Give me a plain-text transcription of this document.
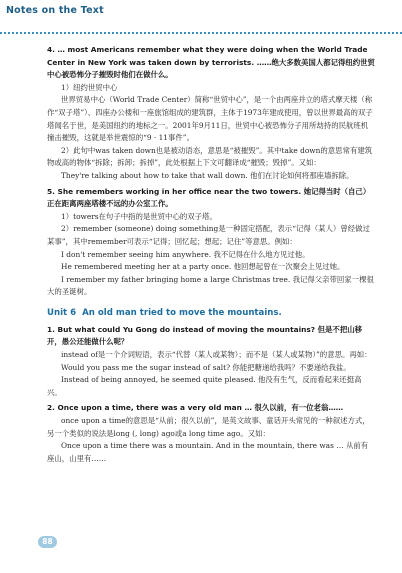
Notes on the Text

4. … most Americans remember what they were doing when the World Trade Center in New York was taken down by terrorists. ……绝大多数美国人都记得纽约世贸中心被恐怖分子摧毁时他们在做什么。

1）纽约世贸中心

世界贸易中心（World Trade Center）简称“世贸中心”，是一个由两座并立的塔式摩天楼（称作“双子塔”）、四座办公楼和一座旅馆组成的建筑群，主体于1973年建成使用，曾以世界最高的双子塔闻名于世，是美国纽约的地标之一。2001年9月11日，世贸中心被恐怖分子用所劫持的民航班机撞击摧毁，这就是举世震惊的“9 · 11事件”。

2）此句中was taken down也是被动语态，意思是“被摧毁”。其中take down的意思常有建筑物或高的物体“拆除；拆卸；拆掉”，此处根据上下文可翻译成“摧毁；毁掉”。又如：

They're talking about how to take that wall down. 他们在讨论如何将那座墙拆除。

5. She remembers working in her office near the two towers. 她记得当时（自己）正在距离两座塔楼不远的办公室工作。

1）towers在句子中指的是世贸中心的双子塔。

2）remember (someone) doing something是一种固定搭配，表示“记得（某人）曾经做过某事”，其中remember可表示“记得；回忆起；想起；记住”等意思。例如：

I don't remember seeing him anywhere. 我不记得在什么地方见过他。

He remembered meeting her at a party once. 他回想起曾在一次聚会上见过她。

I remember my father bringing home a large Christmas tree. 我记得父亲带回家一棵很大的圣诞树。

Unit 6 An old man tried to move the mountains.

1. But what could Yu Gong do instead of moving the mountains? 但是不把山移开，愚公还能做什么呢？

instead of是一个介词短语，表示“代替（某人或某物）；而不是（某人或某物）”的意思。再如：

Would you pass me the sugar instead of salt? 你能把糖递给我吗？不要递给我盐。

Instead of being annoyed, he seemed quite pleased. 他没有生气，反而看起来还挺高兴。

2. Once upon a time, there was a very old man … 很久以前，有一位老翁……

once upon a time的意思是“从前；很久以前”，是英文故事、童话开头常见的一种叙述方式，另一个类似的说法是long (, long) ago或a long time ago。又如：

Once upon a time there was a mountain. And in the mountain, there was … 从前有座山，山里有……

88
